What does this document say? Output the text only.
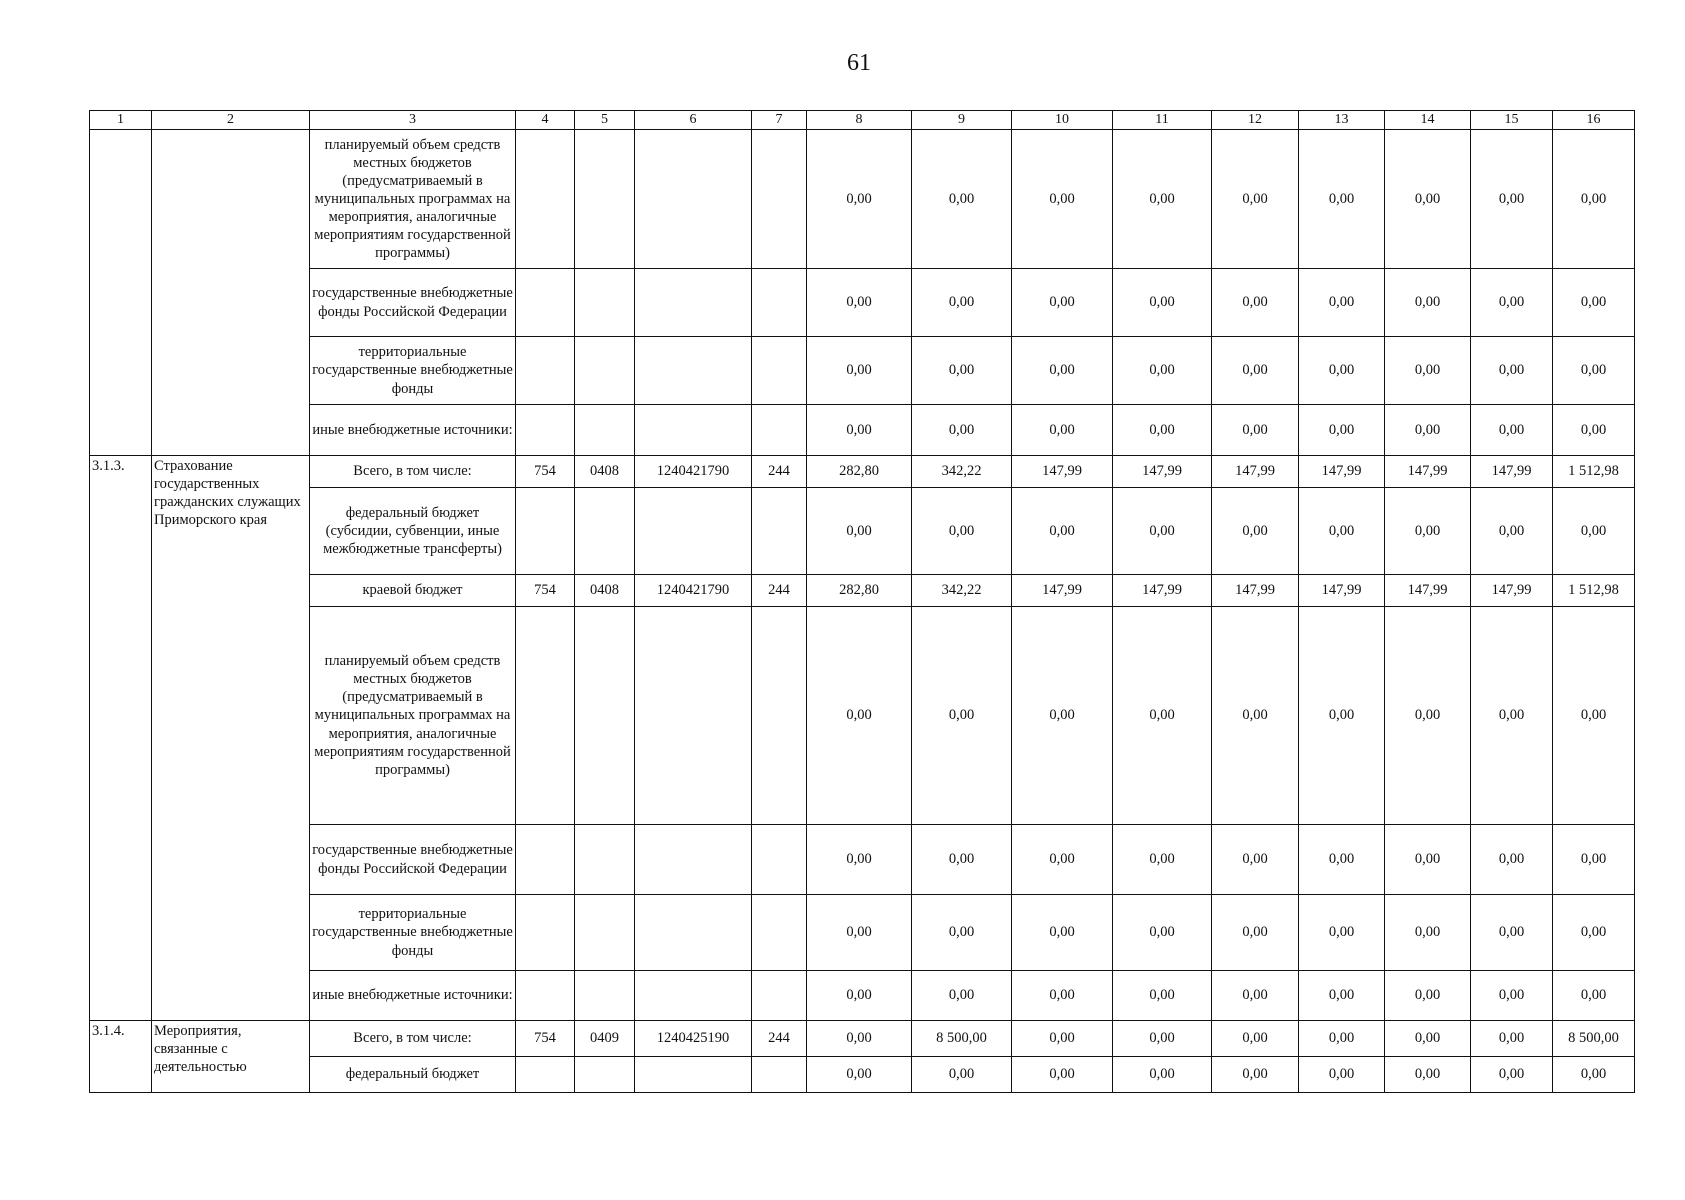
61
1	2	3	4	5	6	7	8	9	10	11	12	13	14	15	16
		планируемый объем средств местных бюджетов (предусматриваемый в муниципальных программах на мероприятия, аналогичные мероприятиям государственной программы)					0,00	0,00	0,00	0,00	0,00	0,00	0,00	0,00	0,00
		государственные внебюджетные фонды Российской Федерации					0,00	0,00	0,00	0,00	0,00	0,00	0,00	0,00	0,00
		территориальные государственные внебюджетные фонды					0,00	0,00	0,00	0,00	0,00	0,00	0,00	0,00	0,00
		иные внебюджетные источники:					0,00	0,00	0,00	0,00	0,00	0,00	0,00	0,00	0,00
3.1.3.	Страхование государственных гражданских служащих Приморского края	Всего, в том числе:	754	0408	1240421790	244	282,80	342,22	147,99	147,99	147,99	147,99	147,99	147,99	1 512,98
		федеральный бюджет (субсидии, субвенции, иные межбюджетные трансферты)					0,00	0,00	0,00	0,00	0,00	0,00	0,00	0,00	0,00
		краевой бюджет	754	0408	1240421790	244	282,80	342,22	147,99	147,99	147,99	147,99	147,99	147,99	1 512,98
		планируемый объем средств местных бюджетов (предусматриваемый в муниципальных программах на мероприятия, аналогичные мероприятиям государственной программы)					0,00	0,00	0,00	0,00	0,00	0,00	0,00	0,00	0,00
		государственные внебюджетные фонды Российской Федерации					0,00	0,00	0,00	0,00	0,00	0,00	0,00	0,00	0,00
		территориальные государственные внебюджетные фонды					0,00	0,00	0,00	0,00	0,00	0,00	0,00	0,00	0,00
		иные внебюджетные источники:					0,00	0,00	0,00	0,00	0,00	0,00	0,00	0,00	0,00
3.1.4.	Мероприятия, связанные с деятельностью	Всего, в том числе:	754	0409	1240425190	244	0,00	8 500,00	0,00	0,00	0,00	0,00	0,00	0,00	8 500,00
		федеральный бюджет					0,00	0,00	0,00	0,00	0,00	0,00	0,00	0,00	0,00
